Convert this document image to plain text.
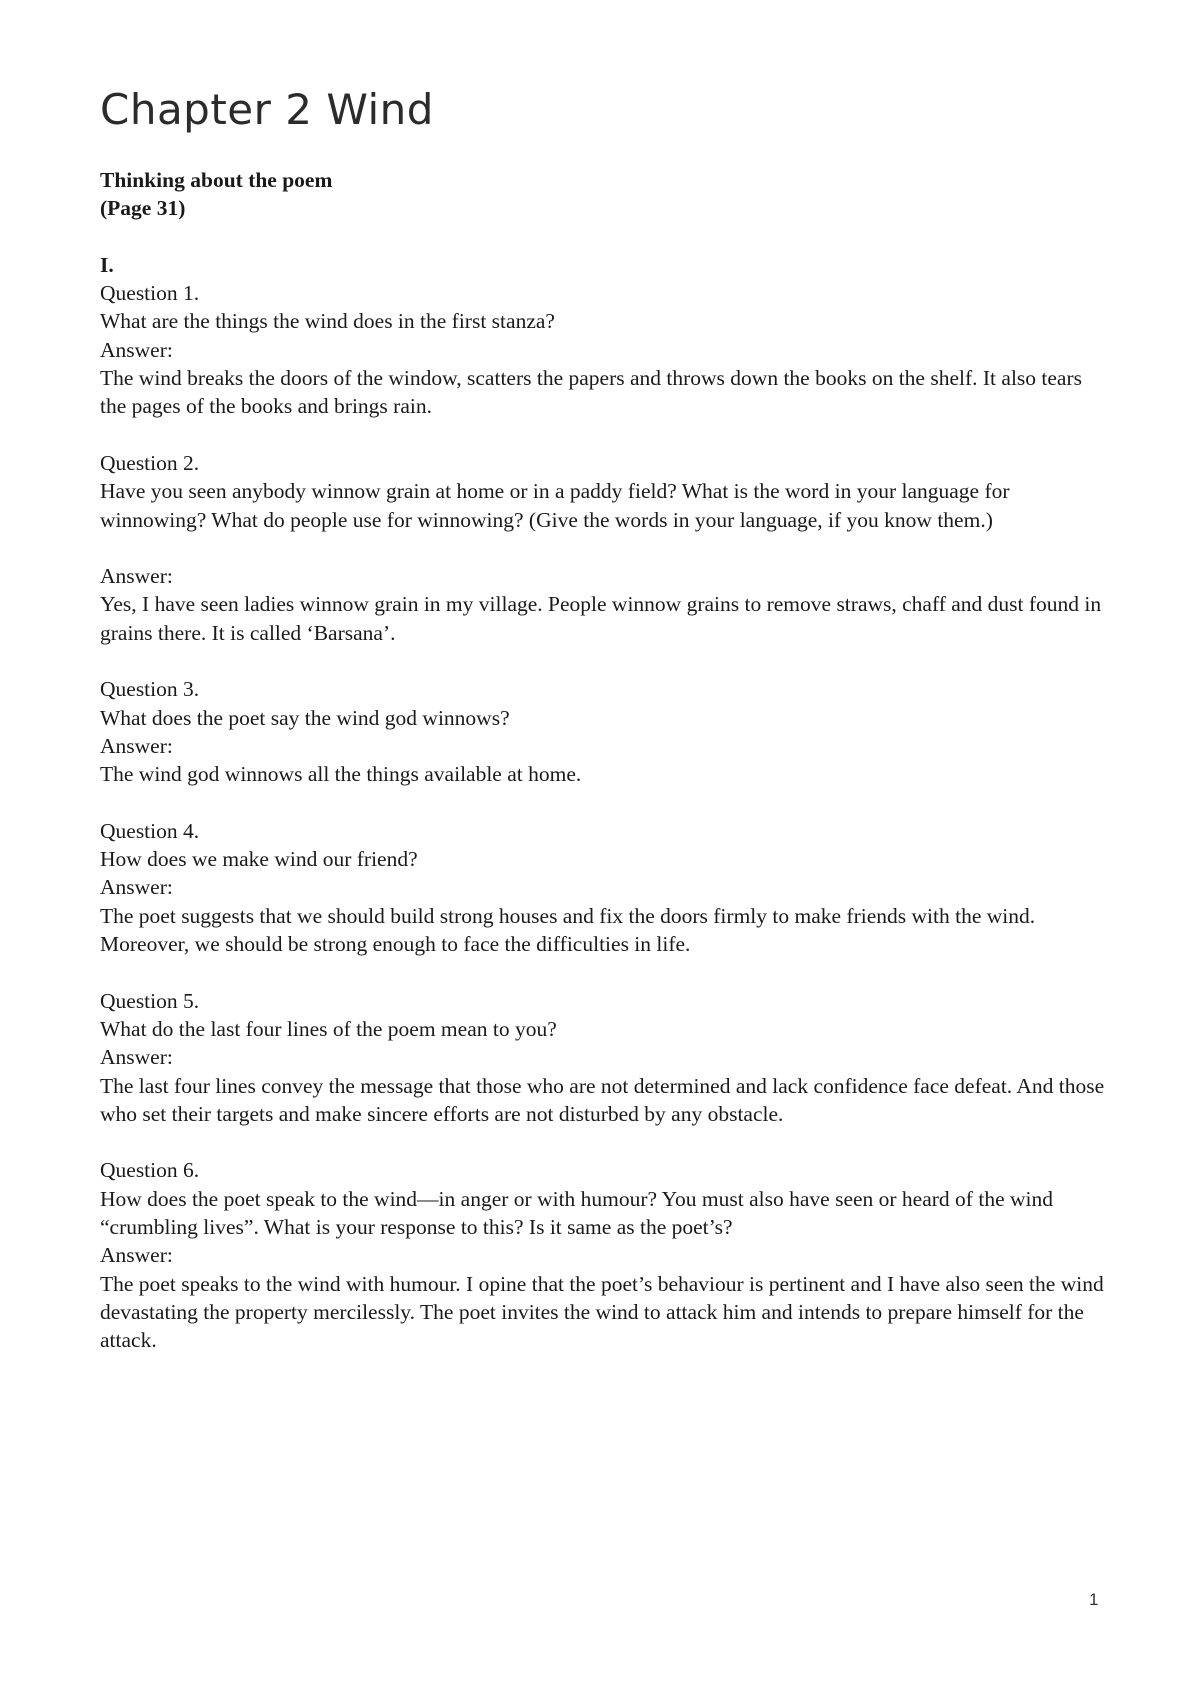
Chapter 2 Wind

Thinking about the poem

(Page 31)

I.

Question 1.

What are the things the wind does in the first stanza?

Answer:

The wind breaks the doors of the window, scatters the papers and throws down the books on the shelf. It also tears the pages of the books and brings rain.

Question 2.

Have you seen anybody winnow grain at home or in a paddy field? What is the word in your language for winnowing? What do people use for winnowing? (Give the words in your language, if you know them.)

Answer:

Yes, I have seen ladies winnow grain in my village. People winnow grains to remove straws, chaff and dust found in grains there. It is called ‘Barsana’.

Question 3.

What does the poet say the wind god winnows?

Answer:

The wind god winnows all the things available at home.

Question 4.

How does we make wind our friend?

Answer:

The poet suggests that we should build strong houses and fix the doors firmly to make friends with the wind. Moreover, we should be strong enough to face the difficulties in life.

Question 5.

What do the last four lines of the poem mean to you?

Answer:

The last four lines convey the message that those who are not determined and lack confidence face defeat. And those who set their targets and make sincere efforts are not disturbed by any obstacle.

Question 6.

How does the poet speak to the wind—in anger or with humour? You must also have seen or heard of the wind “crumbling lives”. What is your response to this? Is it same as the poet’s?

Answer:

The poet speaks to the wind with humour. I opine that the poet’s behaviour is pertinent and I have also seen the wind devastating the property mercilessly. The poet invites the wind to attack him and intends to prepare himself for the attack.

1
